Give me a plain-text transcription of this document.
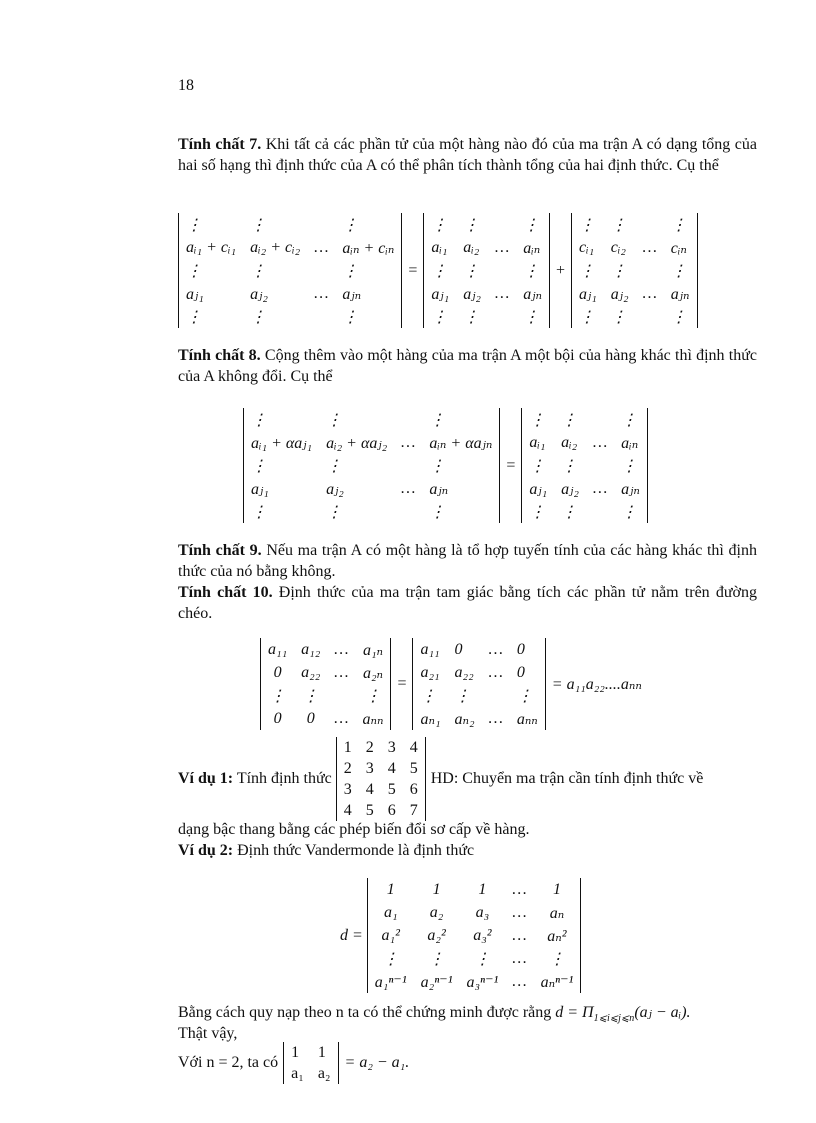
18
Tính chất 7. Khi tất cả các phần tử của một hàng nào đó của ma trận A có dạng tổng của hai số hạng thì định thức của A có thể phân tích thành tổng của hai định thức. Cụ thể
⋮	⋮		⋮
aᵢ₁ + cᵢ₁	aᵢ₂ + cᵢ₂	…	aᵢₙ + cᵢₙ
⋮	⋮		⋮
aⱼ₁	aⱼ₂	…	aⱼₙ
⋮	⋮		⋮
=
⋮	⋮		⋮
aᵢ₁	aᵢ₂	…	aᵢₙ
⋮	⋮		⋮
aⱼ₁	aⱼ₂	…	aⱼₙ
⋮	⋮		⋮
+
⋮	⋮		⋮
cᵢ₁	cᵢ₂	…	cᵢₙ
⋮	⋮		⋮
aⱼ₁	aⱼ₂	…	aⱼₙ
⋮	⋮		⋮
Tính chất 8. Cộng thêm vào một hàng của ma trận A một bội của hàng khác thì định thức của A không đổi. Cụ thể
⋮	⋮		⋮
aᵢ₁ + αaⱼ₁	aᵢ₂ + αaⱼ₂	…	aᵢₙ + αaⱼₙ
⋮	⋮		⋮
aⱼ₁	aⱼ₂	…	aⱼₙ
⋮	⋮		⋮
=
⋮	⋮		⋮
aᵢ₁	aᵢ₂	…	aᵢₙ
⋮	⋮		⋮
aⱼ₁	aⱼ₂	…	aⱼₙ
⋮	⋮		⋮
Tính chất 9. Nếu ma trận A có một hàng là tổ hợp tuyến tính của các hàng khác thì định thức của nó bằng không.
Tính chất 10. Định thức của ma trận tam giác bằng tích các phần tử nằm trên đường chéo.
a₁₁	a₁₂	…	a₁ₙ
0	a₂₂	…	a₂ₙ
⋮	⋮		⋮
0	0	…	aₙₙ
=
a₁₁	0	…	0
a₂₁	a₂₂	…	0
⋮	⋮		⋮
aₙ₁	aₙ₂	…	aₙₙ
= a₁₁a₂₂....aₙₙ
Ví dụ 1: Tính định thức
1	2	3	4
2	3	4	5
3	4	5	6
4	5	6	7
HD: Chuyển ma trận cần tính định thức về
dạng bậc thang bằng các phép biến đổi sơ cấp về hàng.
Ví dụ 2: Định thức Vandermonde là định thức
d =
1	1	1	…	1
a₁	a₂	a₃	…	aₙ
a₁²	a₂²	a₃²	…	aₙ²
⋮	⋮	⋮	…	⋮
a₁ⁿ⁻¹	a₂ⁿ⁻¹	a₃ⁿ⁻¹	…	aₙⁿ⁻¹
Bằng cách quy nạp theo n ta có thể chứng minh được rằng $d = \Pi_{1⩽i⩽j⩽n}(aⱼ$ − aᵢ).
Thật vậy,
Với n = 2, ta có
1	1
a₁	a₂
= a₂ − a₁.
